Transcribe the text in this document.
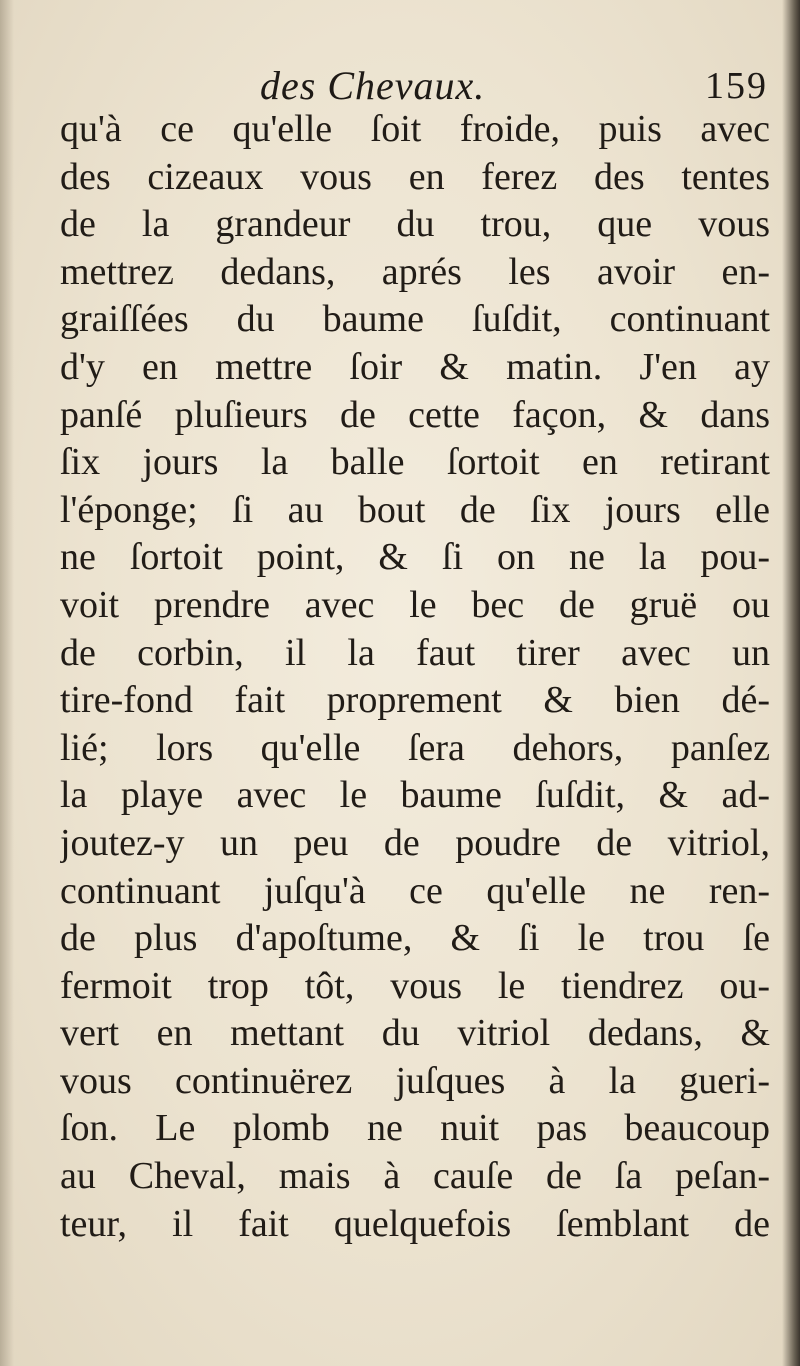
des Chevaux.	159
qu'à ce qu'elle ſoit froide, puis avec
des cizeaux vous en ferez des tentes
de la grandeur du trou, que vous
mettrez dedans, aprés les avoir en-
graiſſées du baume ſuſdit, continuant
d'y en mettre ſoir & matin. J'en ay
panſé pluſieurs de cette façon, & dans
ſix jours la balle ſortoit en retirant
l'éponge; ſi au bout de ſix jours elle
ne ſortoit point, & ſi on ne la pou-
voit prendre avec le bec de gruë ou
de corbin, il la faut tirer avec un
tire-fond fait proprement & bien dé-
lié; lors qu'elle ſera dehors, panſez
la playe avec le baume ſuſdit, & ad-
joutez-y un peu de poudre de vitriol,
continuant juſqu'à ce qu'elle ne ren-
de plus d'apoſtume, & ſi le trou ſe
fermoit trop tôt, vous le tiendrez ou-
vert en mettant du vitriol dedans, &
vous continuërez juſques à la gueri-
ſon. Le plomb ne nuit pas beaucoup
au Cheval, mais à cauſe de ſa peſan-
teur, il fait quelquefois ſemblant de
